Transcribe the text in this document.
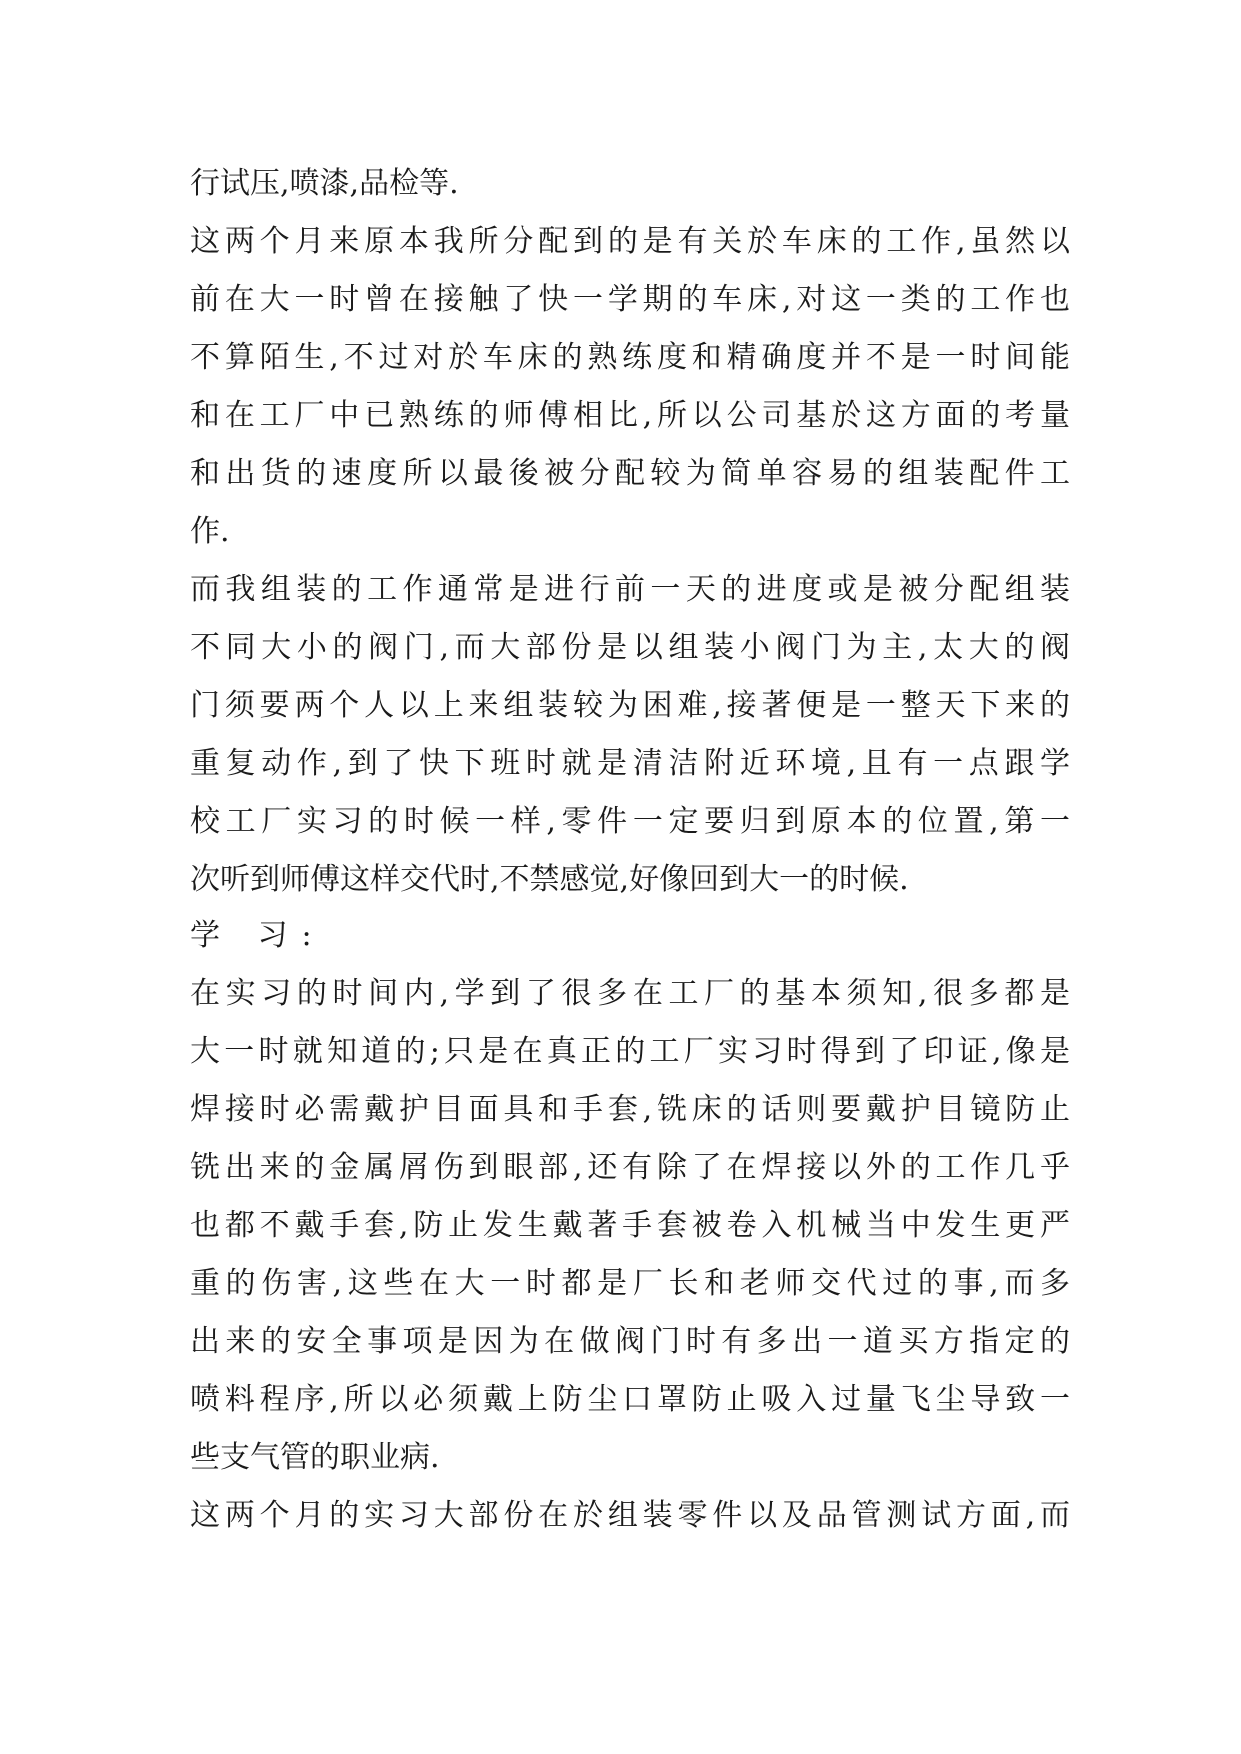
行试压,喷漆,品检等.
这两个月来原本我所分配到的是有关於车床的工作,虽然以
前在大一时曾在接触了快一学期的车床,对这一类的工作也
不算陌生,不过对於车床的熟练度和精确度并不是一时间能
和在工厂中已熟练的师傅相比,所以公司基於这方面的考量
和出货的速度所以最後被分配较为简单容易的组装配件工
作.
而我组装的工作通常是进行前一天的进度或是被分配组装
不同大小的阀门,而大部份是以组装小阀门为主,太大的阀
门须要两个人以上来组装较为困难,接著便是一整天下来的
重复动作,到了快下班时就是清洁附近环境,且有一点跟学
校工厂实习的时候一样,零件一定要归到原本的位置,第一
次听到师傅这样交代时,不禁感觉,好像回到大一的时候.
学 习:
在实习的时间内,学到了很多在工厂的基本须知,很多都是
大一时就知道的;只是在真正的工厂实习时得到了印证,像是
焊接时必需戴护目面具和手套,铣床的话则要戴护目镜防止
铣出来的金属屑伤到眼部,还有除了在焊接以外的工作几乎
也都不戴手套,防止发生戴著手套被卷入机械当中发生更严
重的伤害,这些在大一时都是厂长和老师交代过的事,而多
出来的安全事项是因为在做阀门时有多出一道买方指定的
喷料程序,所以必须戴上防尘口罩防止吸入过量飞尘导致一
些支气管的职业病.
这两个月的实习大部份在於组装零件以及品管测试方面,而
